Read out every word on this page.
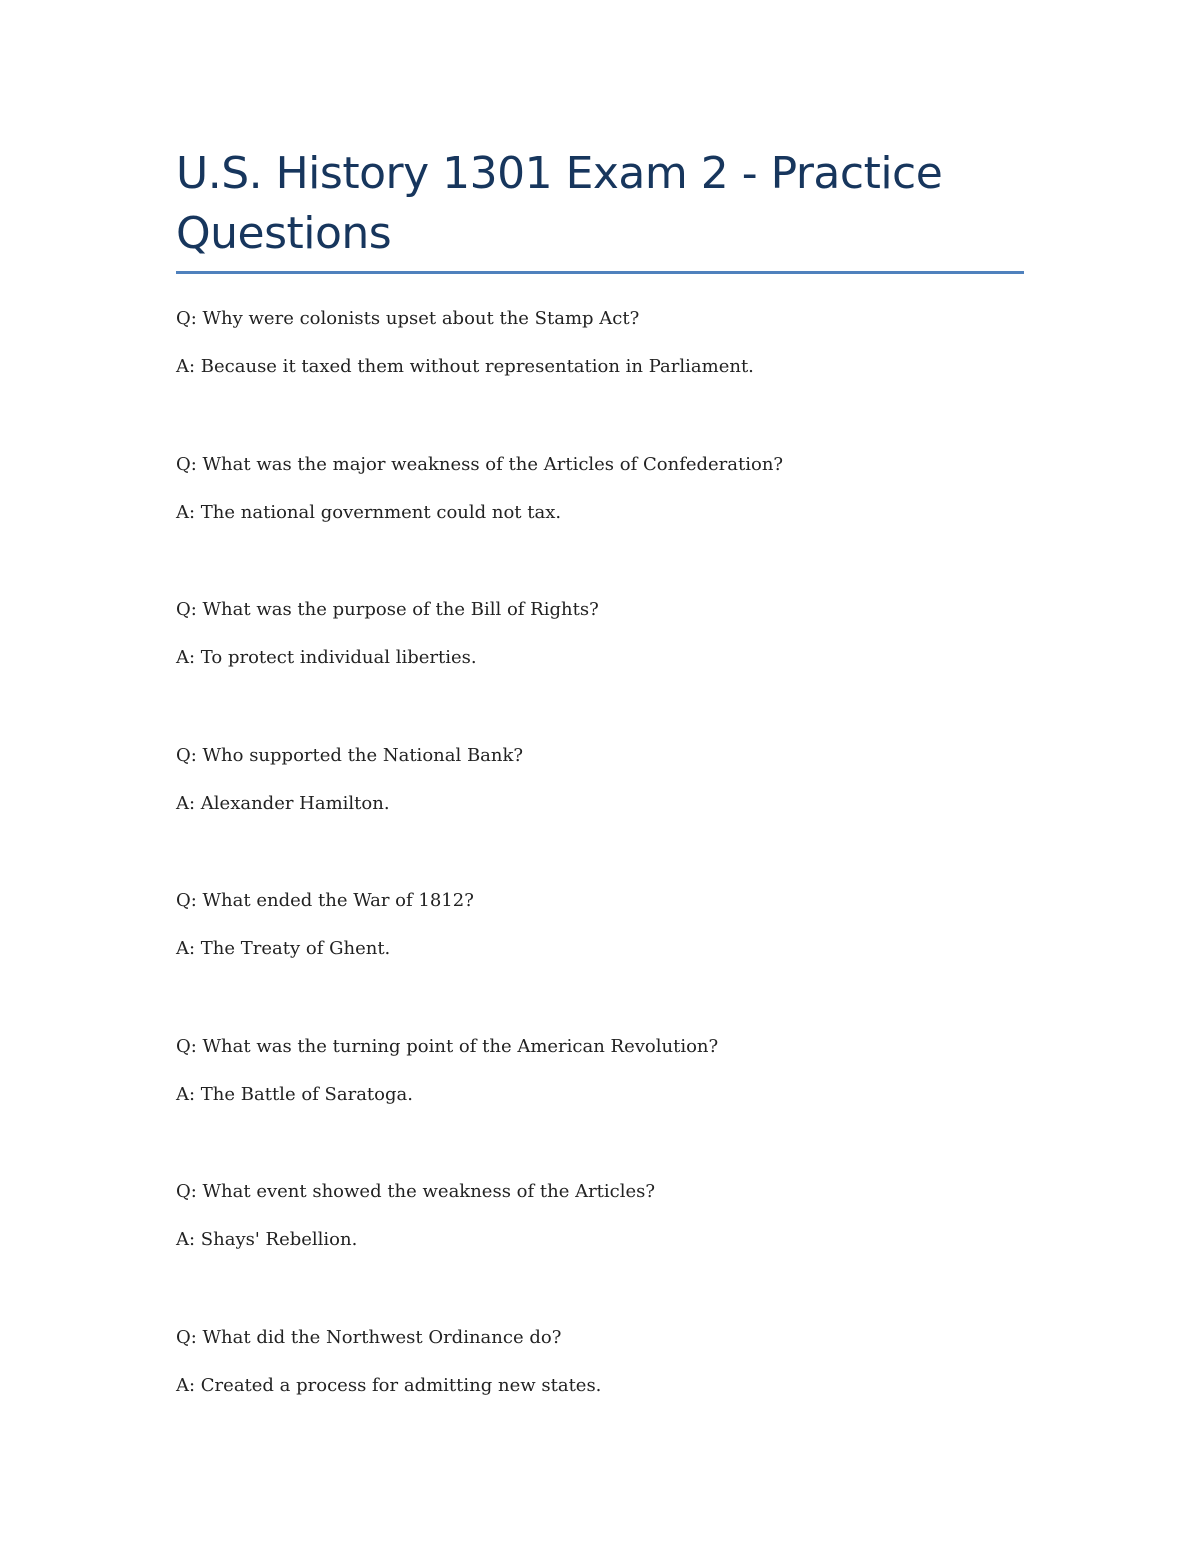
U.S. History 1301 Exam 2 - Practice Questions

Q: Why were colonists upset about the Stamp Act?

A: Because it taxed them without representation in Parliament.

Q: What was the major weakness of the Articles of Confederation?

A: The national government could not tax.

Q: What was the purpose of the Bill of Rights?

A: To protect individual liberties.

Q: Who supported the National Bank?

A: Alexander Hamilton.

Q: What ended the War of 1812?

A: The Treaty of Ghent.

Q: What was the turning point of the American Revolution?

A: The Battle of Saratoga.

Q: What event showed the weakness of the Articles?

A: Shays' Rebellion.

Q: What did the Northwest Ordinance do?

A: Created a process for admitting new states.
